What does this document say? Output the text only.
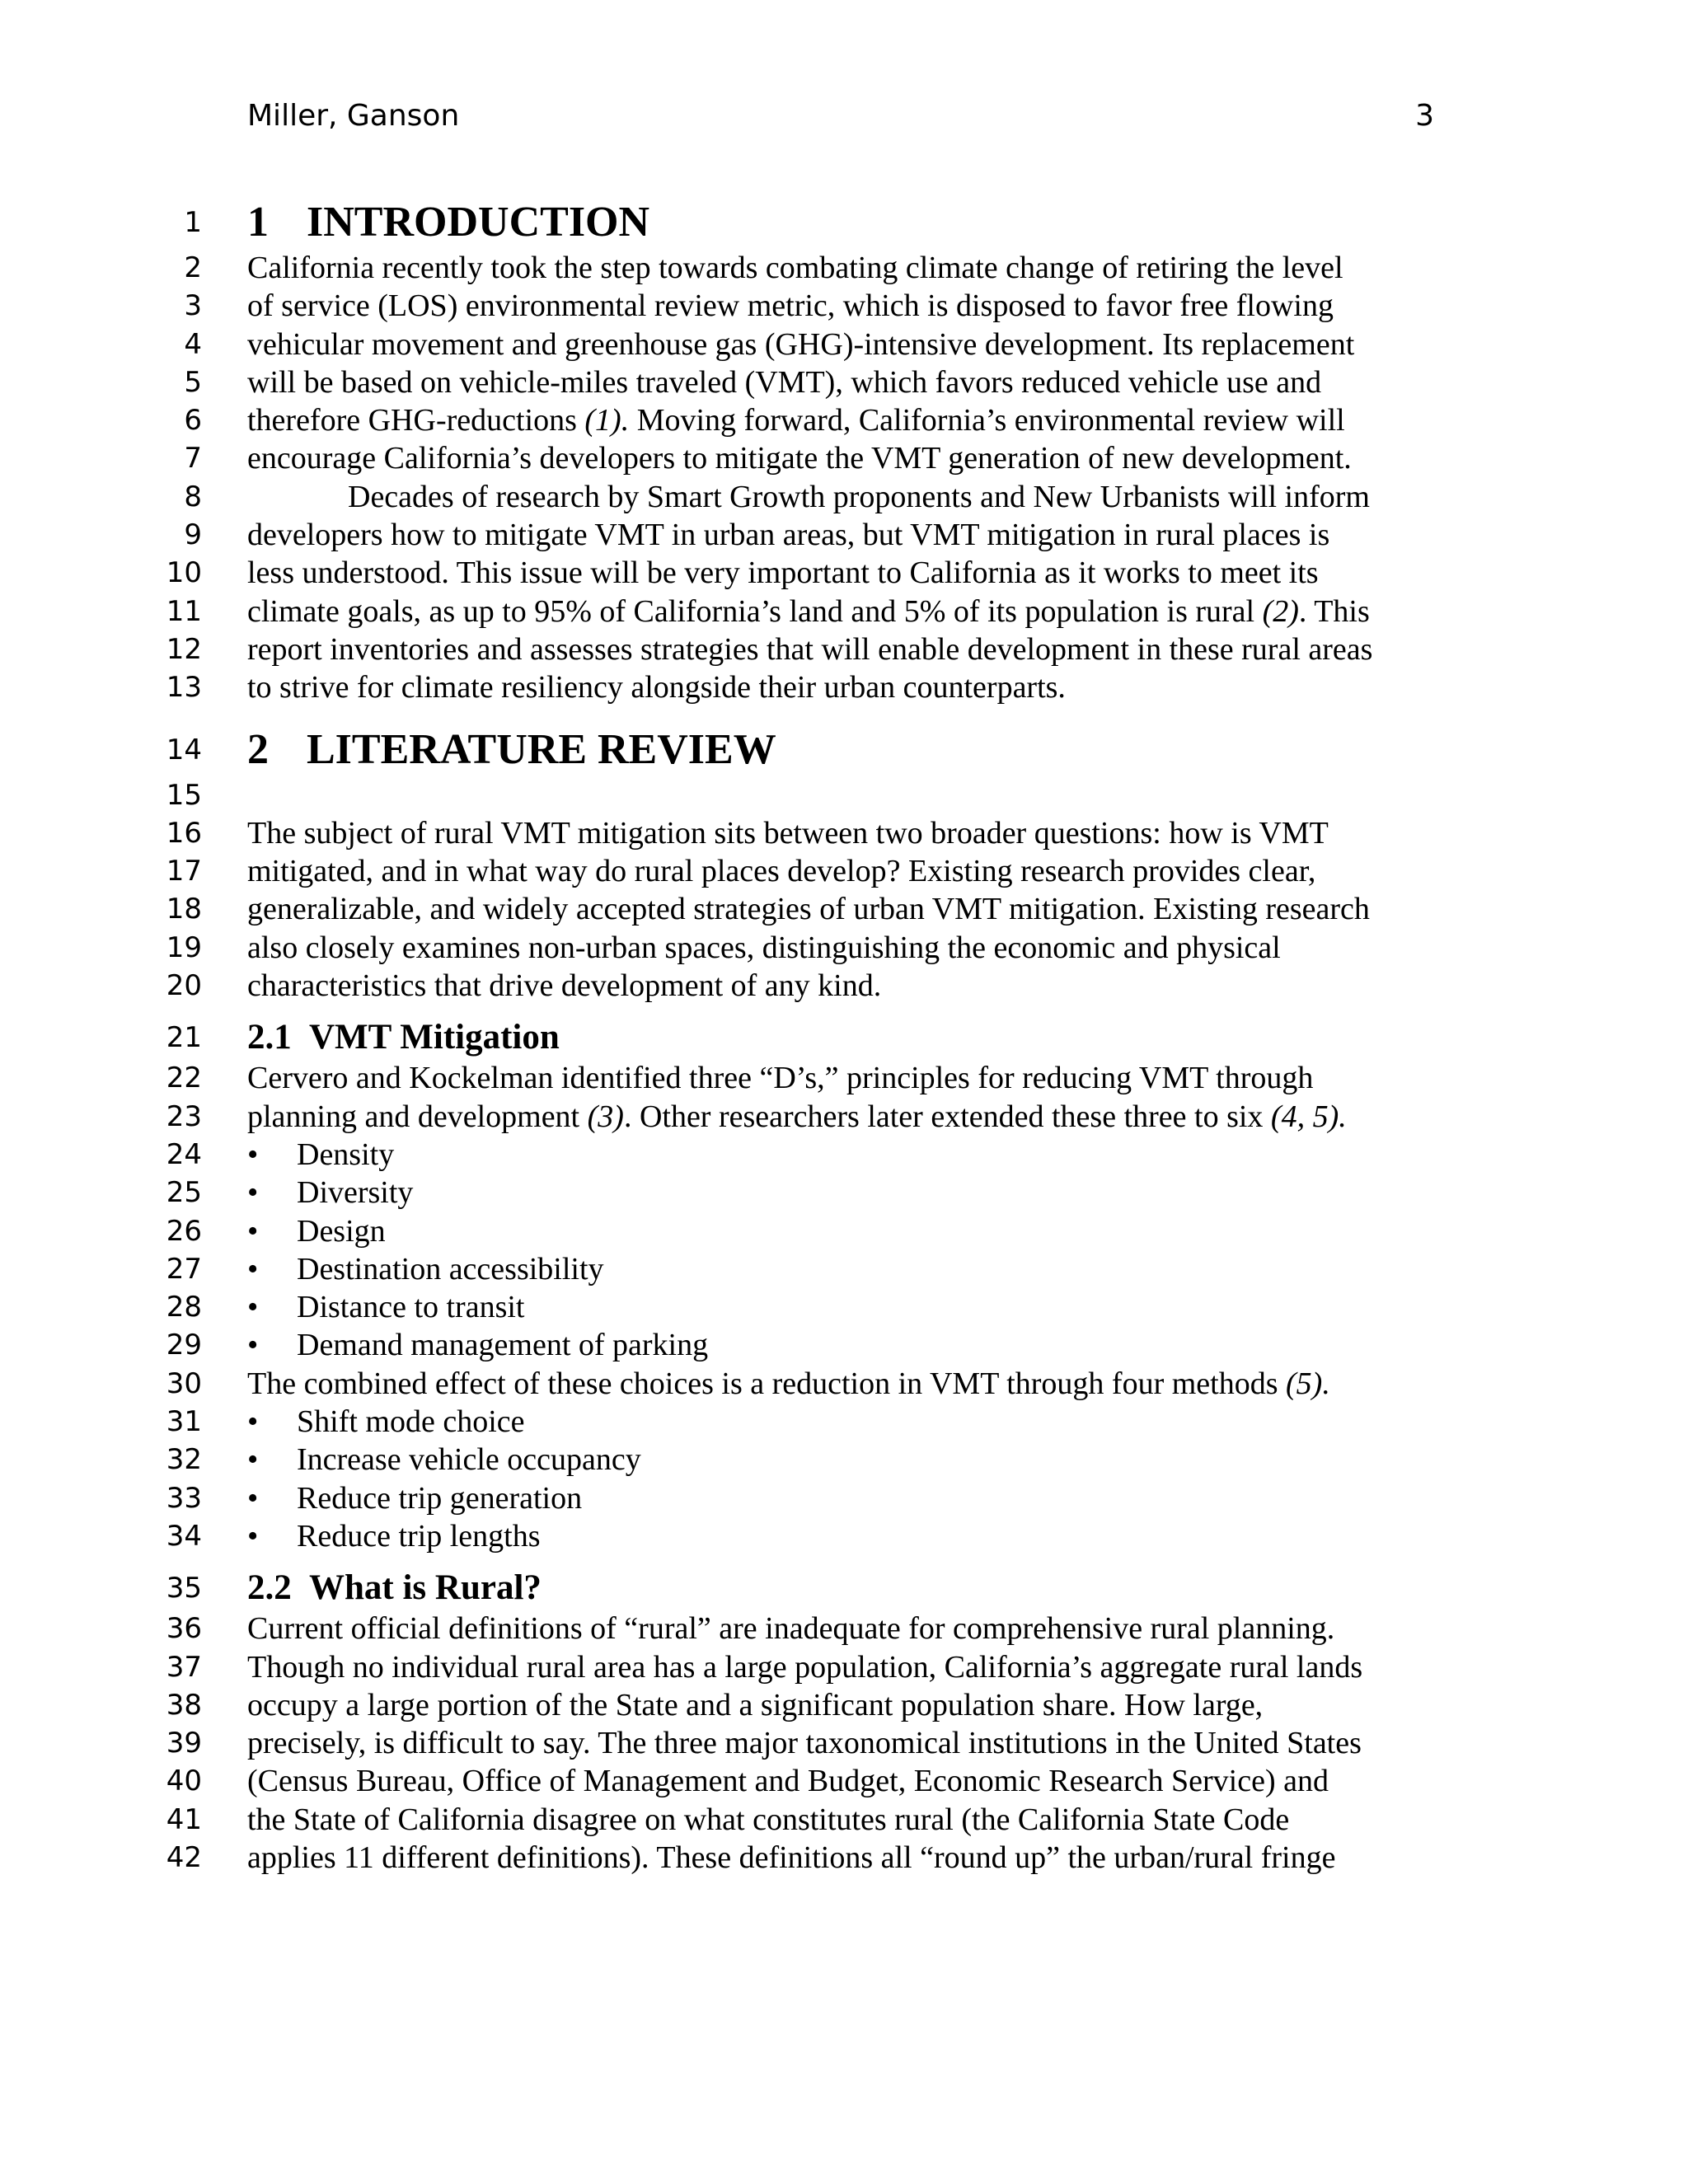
Miller, Ganson	3
1 1 INTRODUCTION
2 California recently took the step towards combating climate change of retiring the level
3 of service (LOS) environmental review metric, which is disposed to favor free flowing
4 vehicular movement and greenhouse gas (GHG)-intensive development. Its replacement
5 will be based on vehicle-miles traveled (VMT), which favors reduced vehicle use and
6 therefore GHG-reductions (1). Moving forward, California’s environmental review will
7 encourage California’s developers to mitigate the VMT generation of new development.
8	Decades of research by Smart Growth proponents and New Urbanists will inform
9 developers how to mitigate VMT in urban areas, but VMT mitigation in rural places is
10 less understood. This issue will be very important to California as it works to meet its
11 climate goals, as up to 95% of California’s land and 5% of its population is rural (2). This
12 report inventories and assesses strategies that will enable development in these rural areas
13 to strive for climate resiliency alongside their urban counterparts.
14 2 LITERATURE REVIEW
15
16 The subject of rural VMT mitigation sits between two broader questions: how is VMT
17 mitigated, and in what way do rural places develop? Existing research provides clear,
18 generalizable, and widely accepted strategies of urban VMT mitigation. Existing research
19 also closely examines non-urban spaces, distinguishing the economic and physical
20 characteristics that drive development of any kind.
21 2.1 VMT Mitigation
22 Cervero and Kockelman identified three “D’s,” principles for reducing VMT through
23 planning and development (3). Other researchers later extended these three to six (4, 5).
24 • Density
25 • Diversity
26 • Design
27 • Destination accessibility
28 • Distance to transit
29 • Demand management of parking
30 The combined effect of these choices is a reduction in VMT through four methods (5).
31 • Shift mode choice
32 • Increase vehicle occupancy
33 • Reduce trip generation
34 • Reduce trip lengths
35 2.2 What is Rural?
36 Current official definitions of “rural” are inadequate for comprehensive rural planning.
37 Though no individual rural area has a large population, California’s aggregate rural lands
38 occupy a large portion of the State and a significant population share. How large,
39 precisely, is difficult to say. The three major taxonomical institutions in the United States
40 (Census Bureau, Office of Management and Budget, Economic Research Service) and
41 the State of California disagree on what constitutes rural (the California State Code
42 applies 11 different definitions). These definitions all “round up” the urban/rural fringe
